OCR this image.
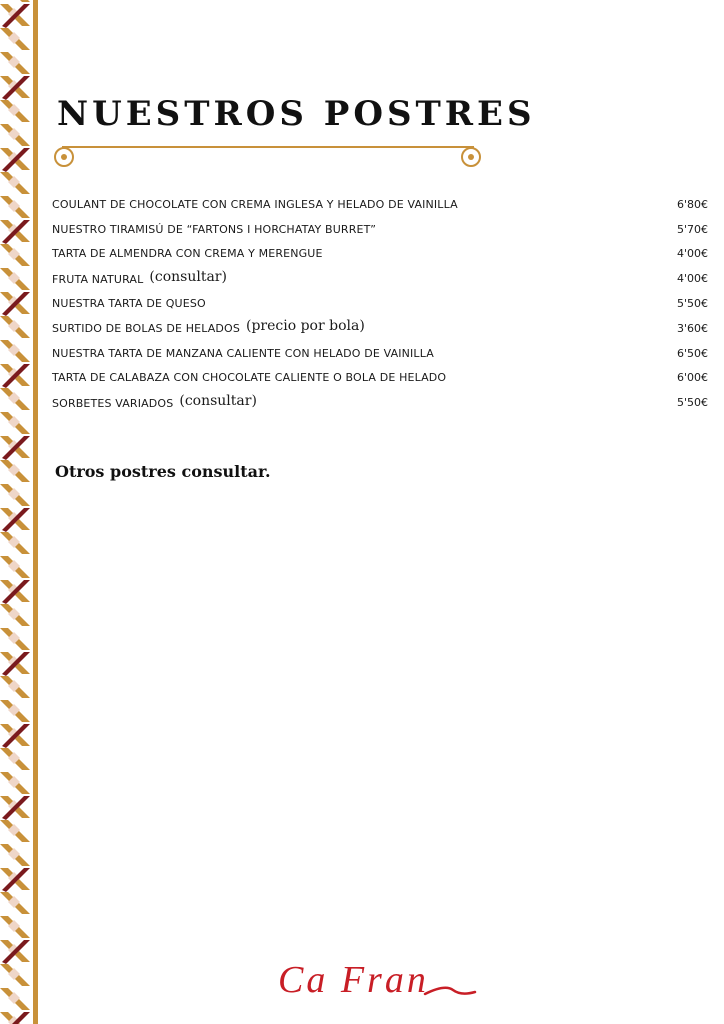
NUESTROS POSTRES
COULANT DE CHOCOLATE CON CREMA INGLESA Y HELADO DE VAINILLA	6'80€
NUESTRO TIRAMISÚ DE “FARTONS I HORCHATAY BURRET”	5'70€
TARTA DE ALMENDRA CON CREMA Y MERENGUE	4'00€
FRUTA NATURAL (consultar)	4'00€
NUESTRA TARTA DE QUESO	5'50€
SURTIDO DE BOLAS DE HELADOS (precio por bola)	3'60€
NUESTRA TARTA DE MANZANA CALIENTE CON HELADO DE VAINILLA	6'50€
TARTA DE CALABAZA CON CHOCOLATE CALIENTE O BOLA DE HELADO	6'00€
SORBETES VARIADOS (consultar)	5'50€

Otros postres consultar.

Ca Fran
